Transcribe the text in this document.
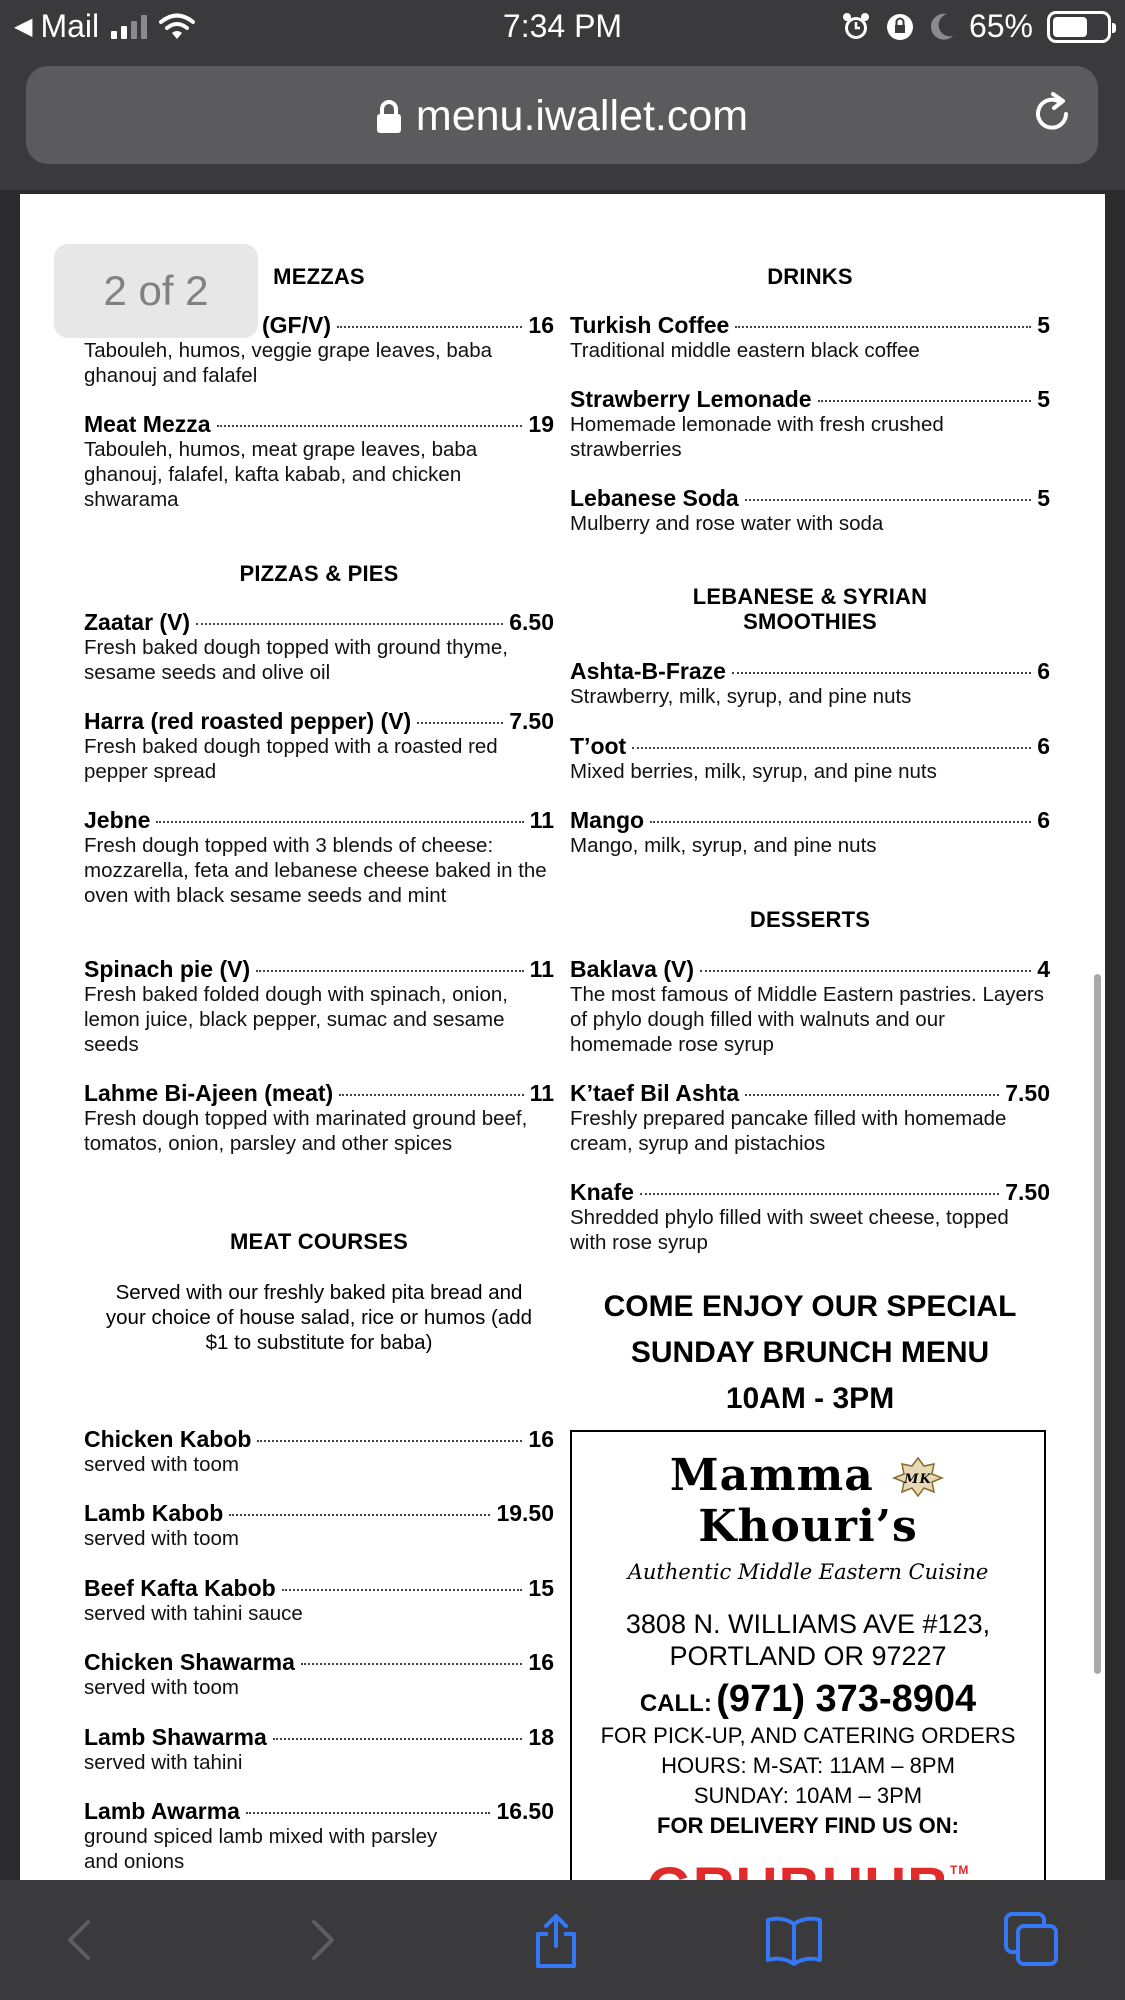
◀ Mail	7:34 PM	65%
menu.iwallet.com
2 of 2	MEZZAS
(GF/V)	16
Tabouleh, humos, veggie grape leaves, baba ghanouj and falafel
Meat Mezza	19
Tabouleh, humos, meat grape leaves, baba ghanouj, falafel, kafta kabab, and chicken shwarama
PIZZAS & PIES
Zaatar (V)	6.50
Fresh baked dough topped with ground thyme, sesame seeds and olive oil
Harra (red roasted pepper) (V)	7.50
Fresh baked dough topped with a roasted red pepper spread
Jebne	11
Fresh dough topped with 3 blends of cheese: mozzarella, feta and lebanese cheese baked in the oven with black sesame seeds and mint
Spinach pie (V)	11
Fresh baked folded dough with spinach, onion, lemon juice, black pepper, sumac and sesame seeds
Lahme Bi-Ajeen (meat)	11
Fresh dough topped with marinated ground beef, tomatos, onion, parsley and other spices
MEAT COURSES
Served with our freshly baked pita bread and your choice of house salad, rice or humos (add $1 to substitute for baba)
Chicken Kabob	16
served with toom
Lamb Kabob	19.50
served with toom
Beef Kafta Kabob	15
served with tahini sauce
Chicken Shawarma	16
served with toom
Lamb Shawarma	18
served with tahini
Lamb Awarma	16.50
ground spiced lamb mixed with parsley and onions
DRINKS
Turkish Coffee	5
Traditional middle eastern black coffee
Strawberry Lemonade	5
Homemade lemonade with fresh crushed strawberries
Lebanese Soda	5
Mulberry and rose water with soda
LEBANESE & SYRIAN
SMOOTHIES
Ashta-B-Fraze	6
Strawberry, milk, syrup, and pine nuts
T’oot	6
Mixed berries, milk, syrup, and pine nuts
Mango	6
Mango, milk, syrup, and pine nuts
DESSERTS
Baklava (V)	4
The most famous of Middle Eastern pastries. Layers of phylo dough filled with walnuts and our homemade rose syrup
K’taef Bil Ashta	7.50
Freshly prepared pancake filled with homemade cream, syrup and pistachios
Knafe	7.50
Shredded phylo filled with sweet cheese, topped with rose syrup
COME ENJOY OUR SPECIAL
SUNDAY BRUNCH MENU
10AM - 3PM
Mamma MK
Khouri’s
Authentic Middle Eastern Cuisine
3808 N. WILLIAMS AVE #123,
PORTLAND OR 97227
CALL: (971) 373-8904
FOR PICK-UP, AND CATERING ORDERS
HOURS: M-SAT: 11AM – 8PM
SUNDAY: 10AM – 3PM
FOR DELIVERY FIND US ON:
™
